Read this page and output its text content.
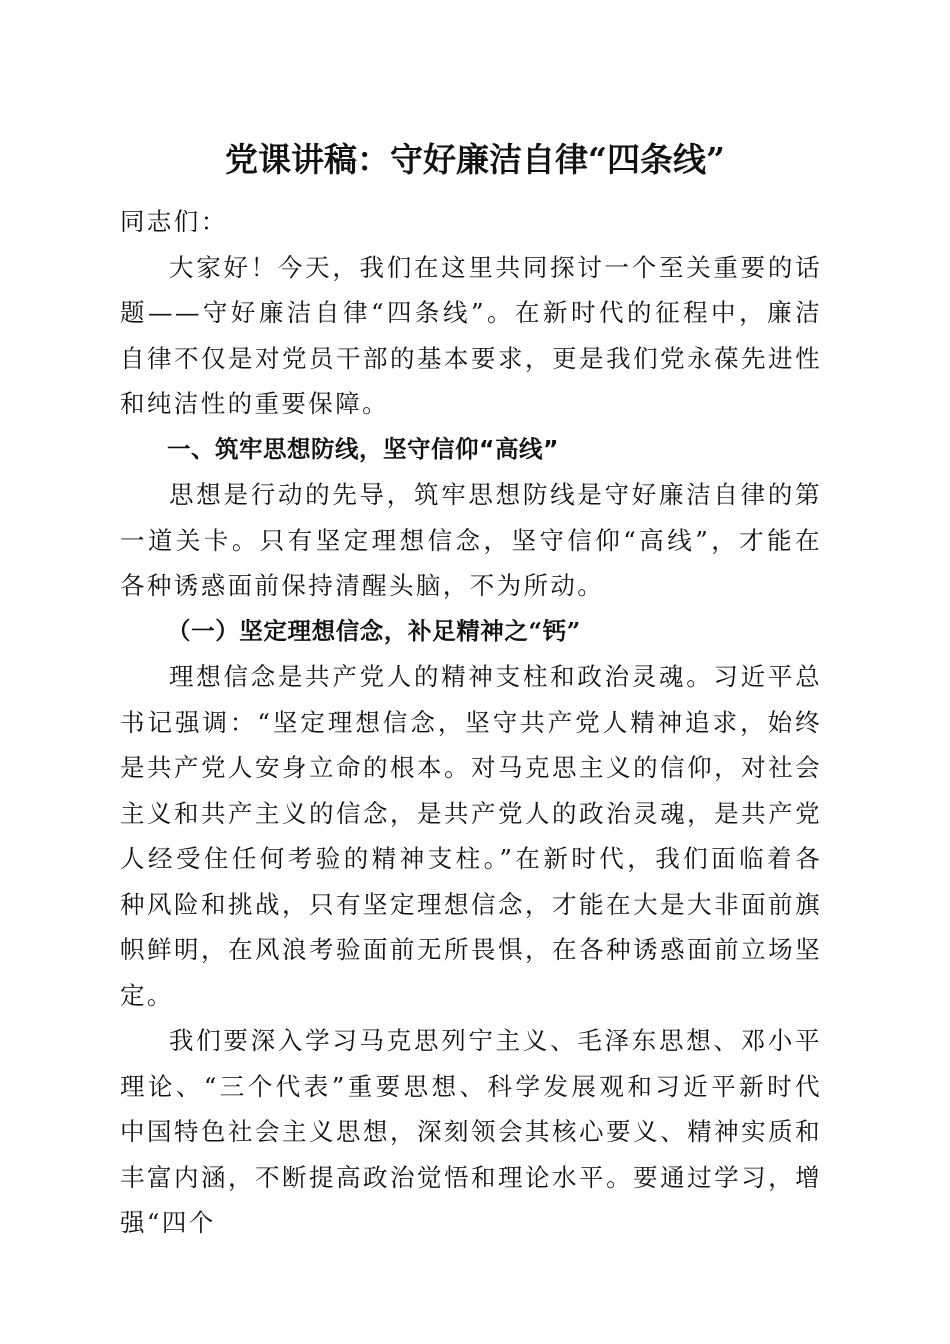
党课讲稿：守好廉洁自律“四条线”

同志们：

大家好！今天，我们在这里共同探讨一个至关重要的话题——守好廉洁自律“四条线”。在新时代的征程中，廉洁自律不仅是对党员干部的基本要求，更是我们党永葆先进性和纯洁性的重要保障。

一、筑牢思想防线，坚守信仰“高线”

思想是行动的先导，筑牢思想防线是守好廉洁自律的第一道关卡。只有坚定理想信念，坚守信仰“高线”，才能在各种诱惑面前保持清醒头脑，不为所动。

（一）坚定理想信念，补足精神之“钙”

理想信念是共产党人的精神支柱和政治灵魂。习近平总书记强调：“坚定理想信念，坚守共产党人精神追求，始终是共产党人安身立命的根本。对马克思主义的信仰，对社会主义和共产主义的信念，是共产党人的政治灵魂，是共产党人经受住任何考验的精神支柱。”在新时代，我们面临着各种风险和挑战，只有坚定理想信念，才能在大是大非面前旗帜鲜明，在风浪考验面前无所畏惧，在各种诱惑面前立场坚定。

我们要深入学习马克思列宁主义、毛泽东思想、邓小平理论、“三个代表”重要思想、科学发展观和习近平新时代中国特色社会主义思想，深刻领会其核心要义、精神实质和丰富内涵，不断提高政治觉悟和理论水平。要通过学习，增强“四个
